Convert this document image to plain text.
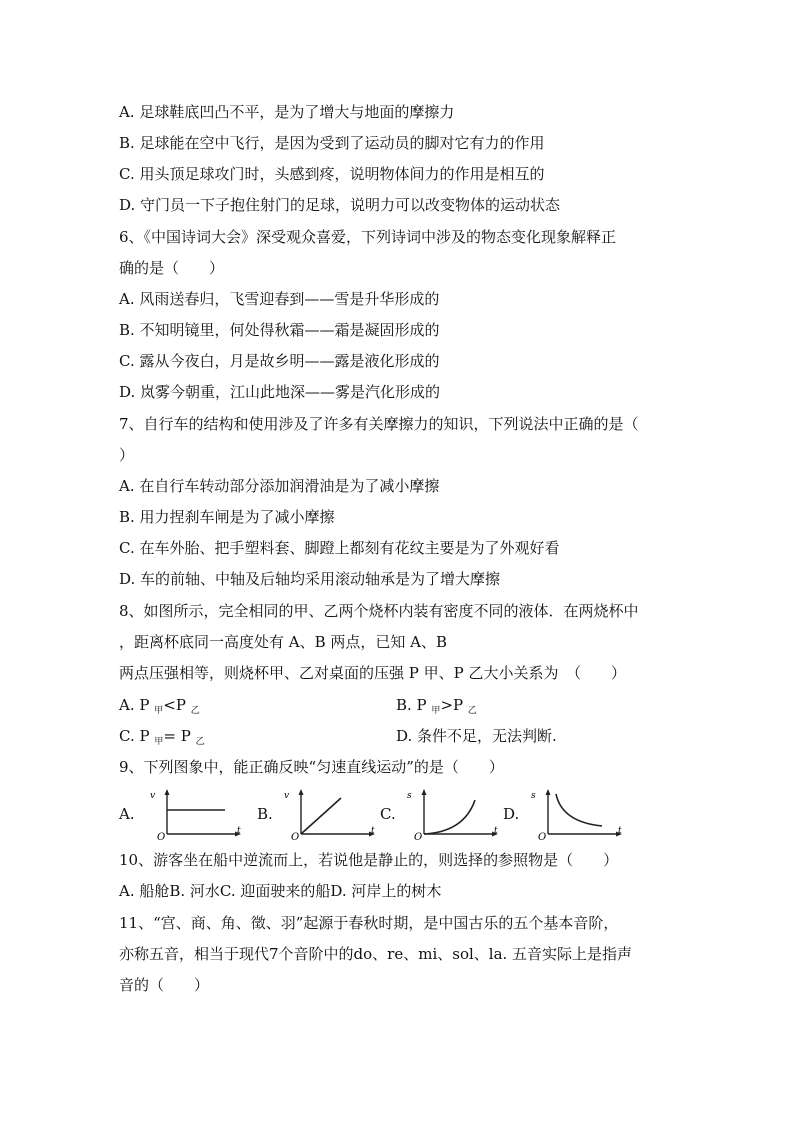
A. 足球鞋底凹凸不平，是为了增大与地面的摩擦力
B. 足球能在空中飞行，是因为受到了运动员的脚对它有力的作用
C. 用头顶足球攻门时，头感到疼，说明物体间力的作用是相互的
D. 守门员一下子抱住射门的足球，说明力可以改变物体的运动状态
6、《中国诗词大会》深受观众喜爱，下列诗词中涉及的物态变化现象解释正
确的是（　　）
A. 风雨送春归，飞雪迎春到——雪是升华形成的
B. 不知明镜里，何处得秋霜——霜是凝固形成的
C. 露从今夜白，月是故乡明——露是液化形成的
D. 岚雾今朝重，江山此地深——雾是汽化形成的
7、自行车的结构和使用涉及了许多有关摩擦力的知识，下列说法中正确的是（
）
A. 在自行车转动部分添加润滑油是为了减小摩擦
B. 用力捏刹车闸是为了减小摩擦
C. 在车外胎、把手塑料套、脚蹬上都刻有花纹主要是为了外观好看
D. 车的前轴、中轴及后轴均采用滚动轴承是为了增大摩擦
8、如图所示，完全相同的甲、乙两个烧杯内装有密度不同的液体．在两烧杯中
，距离杯底同一高度处有 A、B 两点，已知 A、B
两点压强相等，则烧杯甲、乙对桌面的压强 P 甲、P 乙大小关系为　（　　）
A. P $_甲$<P $_乙$	B. P $_甲$>P $_乙$
C. P $_甲$= P $_乙$	D. 条件不足，无法判断.
9、下列图象中，能正确反映“匀速直线运动”的是（　　）
A.
v
t
O
B.
v
t
O
C.
s
t
O
D.
s
t
O
10、游客坐在船中逆流而上，若说他是静止的，则选择的参照物是（　　）
A. 船舱B. 河水C. 迎面驶来的船D. 河岸上的树木
11、“宫、商、角、徵、羽”起源于春秋时期，是中国古乐的五个基本音阶，
亦称五音，相当于现代7个音阶中的do、re、mi、sol、la. 五音实际上是指声
音的（　　）
